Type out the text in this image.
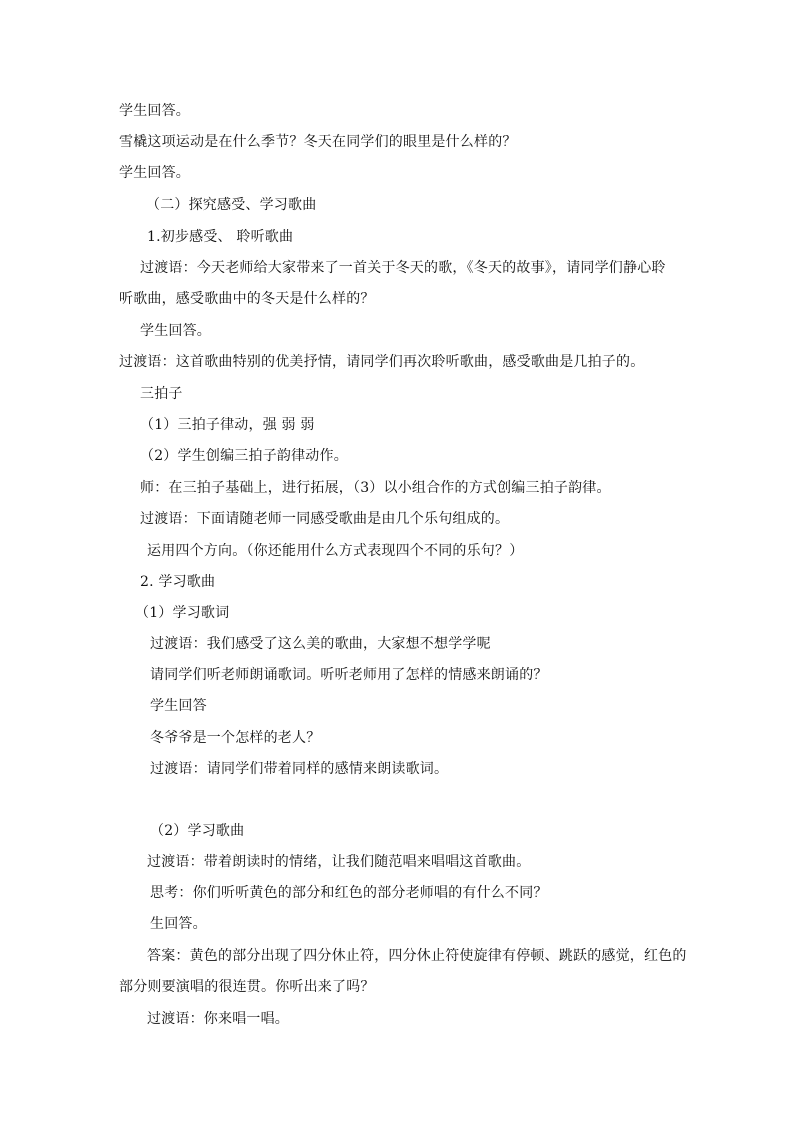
学生回答。
雪橇这项运动是在什么季节？冬天在同学们的眼里是什么样的？
学生回答。
（二）探究感受、学习歌曲
1.初步感受、 聆听歌曲
过渡语：今天老师给大家带来了一首关于冬天的歌，《冬天的故事》，请同学们静心聆
听歌曲，感受歌曲中的冬天是什么样的？
学生回答。
过渡语：这首歌曲特别的优美抒情，请同学们再次聆听歌曲，感受歌曲是几拍子的。
三拍子
（1）三拍子律动，强 弱 弱
（2）学生创编三拍子韵律动作。
师：在三拍子基础上，进行拓展，（3）以小组合作的方式创编三拍子韵律。
过渡语：下面请随老师一同感受歌曲是由几个乐句组成的。
运用四个方向。（你还能用什么方式表现四个不同的乐句？）
2. 学习歌曲
（1）学习歌词
过渡语：我们感受了这么美的歌曲，大家想不想学学呢
请同学们听老师朗诵歌词。听听老师用了怎样的情感来朗诵的？
学生回答
冬爷爷是一个怎样的老人？
过渡语：请同学们带着同样的感情来朗读歌词。
（2）学习歌曲
过渡语：带着朗读时的情绪，让我们随范唱来唱唱这首歌曲。
思考：你们听听黄色的部分和红色的部分老师唱的有什么不同？
生回答。
答案：黄色的部分出现了四分休止符，四分休止符使旋律有停顿、跳跃的感觉，红色的
部分则要演唱的很连贯。你听出来了吗？
过渡语：你来唱一唱。
